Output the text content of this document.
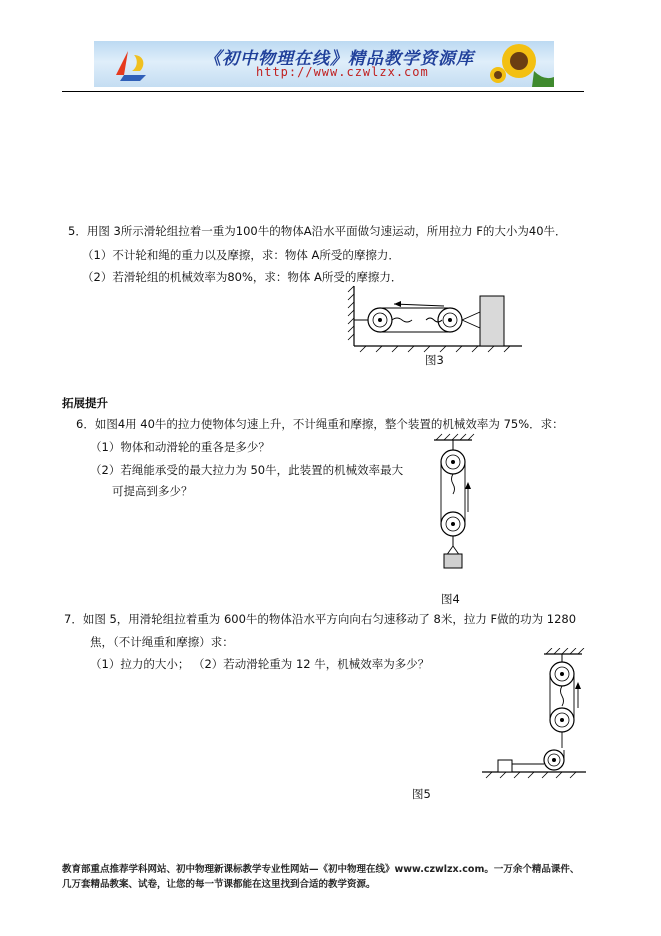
《初中物理在线》精品教学资源库
http://www.czwlzx.com
5．用图 3所示滑轮组拉着一重为100牛的物体A沿水平面做匀速运动，所用拉力 F的大小为40牛．
（1）不计轮和绳的重力以及摩擦，求：物体 A所受的摩擦力．
（2）若滑轮组的机械效率为80%，求：物体 A所受的摩擦力．
图3
拓展提升
6．如图4用 40牛的拉力使物体匀速上升，不计绳重和摩擦，整个装置的机械效率为 75%．求：
（1）物体和动滑轮的重各是多少？
（2）若绳能承受的最大拉力为 50牛，此装置的机械效率最大
可提高到多少？
图4
7．如图 5，用滑轮组拉着重为 600牛的物体沿水平方向向右匀速移动了 8米，拉力 F做的功为 1280
焦，（不计绳重和摩擦）求：
（1）拉力的大小； （2）若动滑轮重为 12 牛，机械效率为多少？
图5
教育部重点推荐学科网站、初中物理新课标教学专业性网站—《初中物理在线》www.czwlzx.com。一万余个精品课件、
几万套精品教案、试卷，让您的每一节课都能在这里找到合适的教学资源。
